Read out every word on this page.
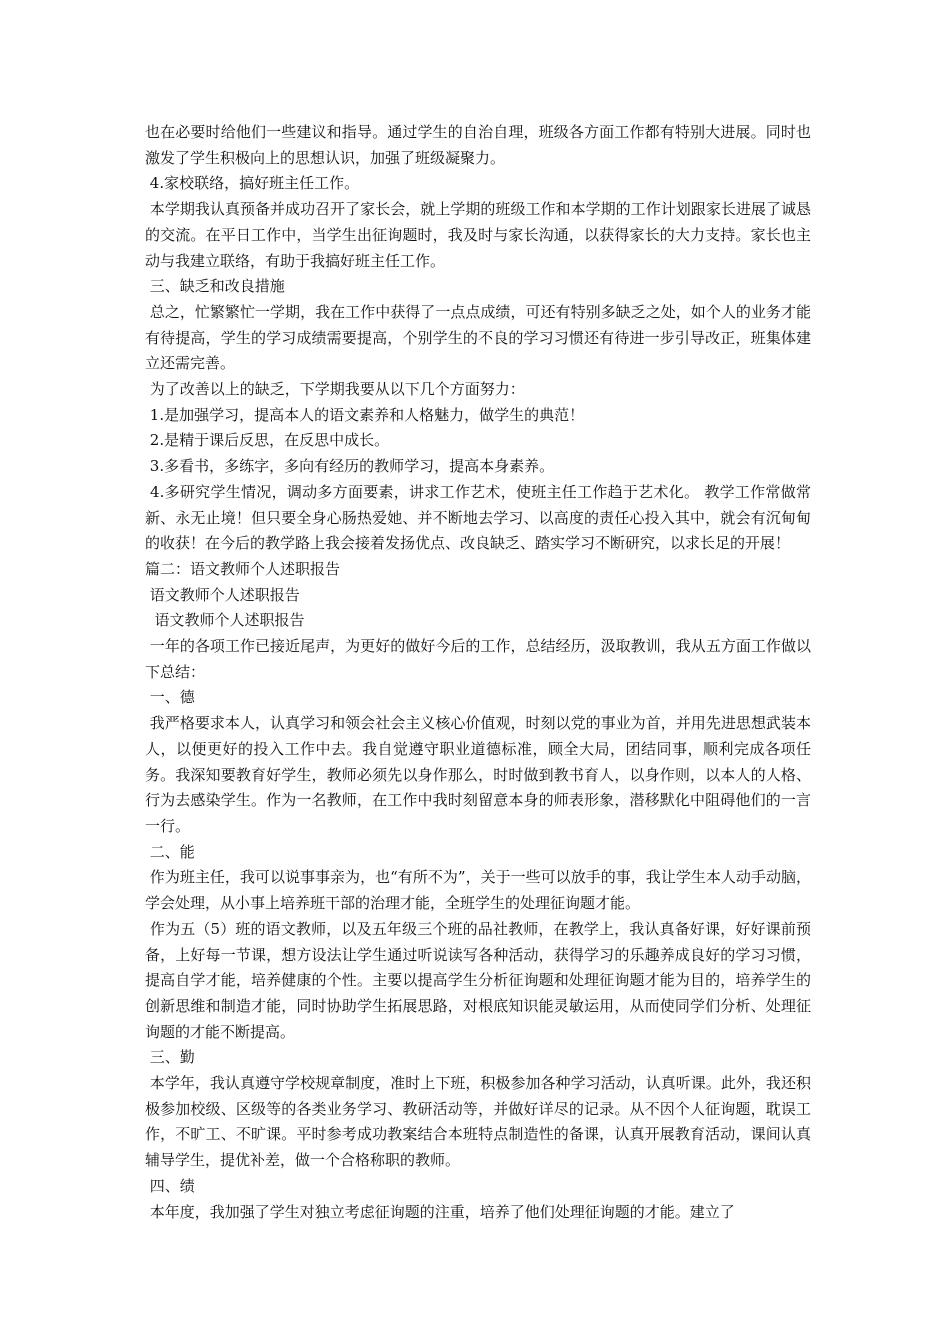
也在必要时给他们一些建议和指导。通过学生的自治自理，班级各方面工作都有特别大进展。同时也激发了学生积极向上的思想认识，加强了班级凝聚力。

4.家校联络，搞好班主任工作。

本学期我认真预备并成功召开了家长会，就上学期的班级工作和本学期的工作计划跟家长进展了诚恳的交流。在平日工作中，当学生出征询题时，我及时与家长沟通，以获得家长的大力支持。家长也主动与我建立联络，有助于我搞好班主任工作。

三、缺乏和改良措施

总之，忙繁繁忙一学期，我在工作中获得了一点点成绩，可还有特别多缺乏之处，如个人的业务才能有待提高，学生的学习成绩需要提高，个别学生的不良的学习习惯还有待进一步引导改正，班集体建立还需完善。

为了改善以上的缺乏，下学期我要从以下几个方面努力：

1.是加强学习，提高本人的语文素养和人格魅力，做学生的典范！

2.是精于课后反思，在反思中成长。

3.多看书，多练字，多向有经历的教师学习，提高本身素养。

4.多研究学生情况，调动多方面要素，讲求工作艺术，使班主任工作趋于艺术化。 教学工作常做常新、永无止境！但只要全身心肠热爱她、并不断地去学习、以高度的责任心投入其中，就会有沉甸甸的收获！在今后的教学路上我会接着发扬优点、改良缺乏、踏实学习不断研究，以求长足的开展！

篇二：语文教师个人述职报告

语文教师个人述职报告

语文教师个人述职报告

一年的各项工作已接近尾声，为更好的做好今后的工作，总结经历，汲取教训，我从五方面工作做以下总结：

一、德

我严格要求本人，认真学习和领会社会主义核心价值观，时刻以党的事业为首，并用先进思想武装本人，以便更好的投入工作中去。我自觉遵守职业道德标准，顾全大局，团结同事，顺利完成各项任务。我深知要教育好学生，教师必须先以身作那么，时时做到教书育人，以身作则，以本人的人格、行为去感染学生。作为一名教师，在工作中我时刻留意本身的师表形象，潜移默化中阻碍他们的一言一行。

二、能

作为班主任，我可以说事事亲为，也“有所不为”，关于一些可以放手的事，我让学生本人动手动脑，学会处理，从小事上培养班干部的治理才能，全班学生的处理征询题才能。

作为五（5）班的语文教师，以及五年级三个班的品社教师，在教学上，我认真备好课，好好课前预备，上好每一节课，想方设法让学生通过听说读写各种活动，获得学习的乐趣养成良好的学习习惯，提高自学才能，培养健康的个性。主要以提高学生分析征询题和处理征询题才能为目的，培养学生的创新思维和制造才能，同时协助学生拓展思路，对根底知识能灵敏运用，从而使同学们分析、处理征询题的才能不断提高。

三、勤

本学年，我认真遵守学校规章制度，准时上下班，积极参加各种学习活动，认真听课。此外，我还积极参加校级、区级等的各类业务学习、教研活动等，并做好详尽的记录。从不因个人征询题，耽误工作，不旷工、不旷课。平时参考成功教案结合本班特点制造性的备课，认真开展教育活动，课间认真辅导学生，提优补差，做一个合格称职的教师。

四、绩

本年度，我加强了学生对独立考虑征询题的注重，培养了他们处理征询题的才能。建立了
